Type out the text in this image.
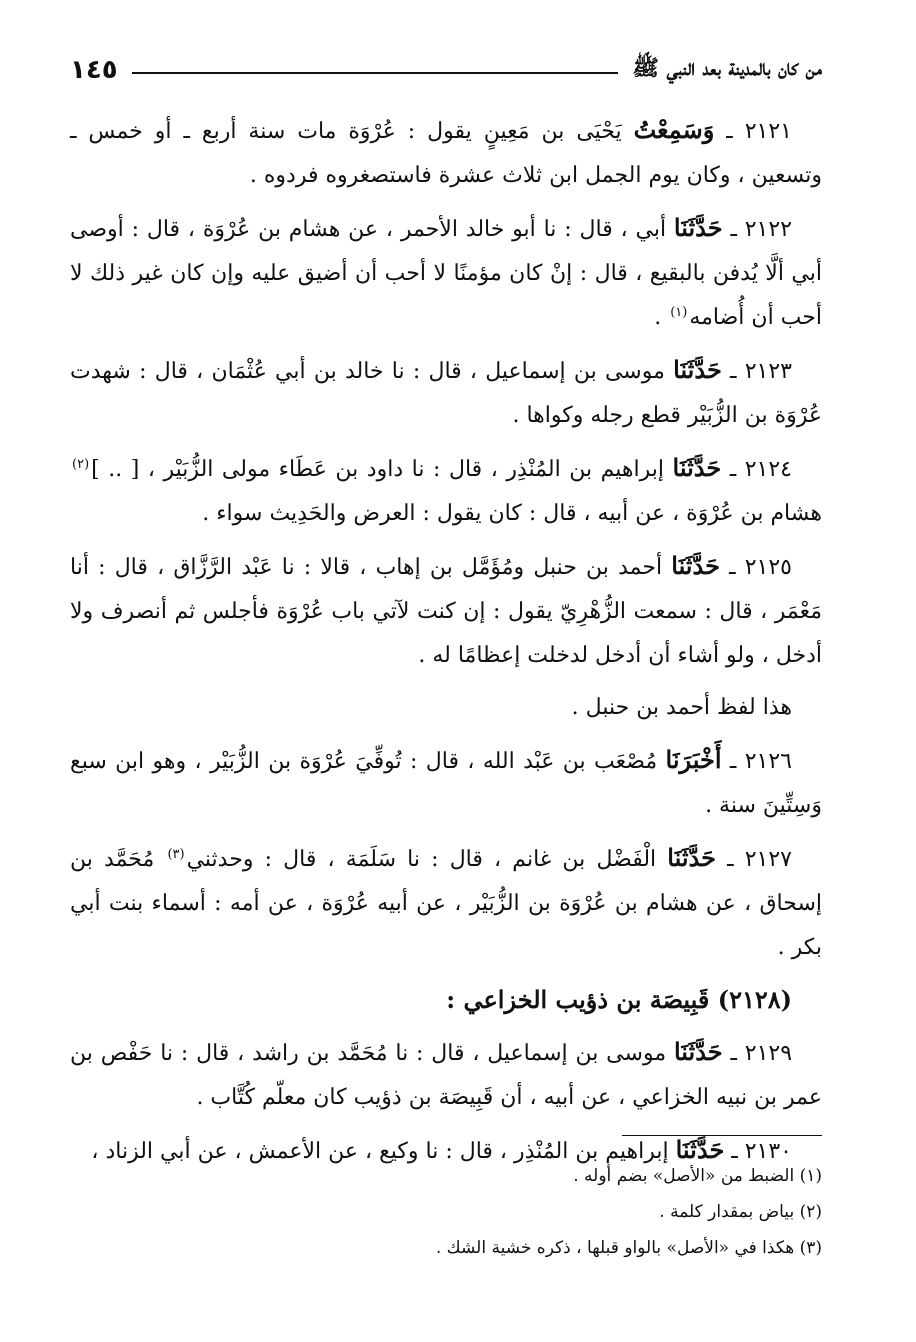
من كان بالمدينة بعد النبي ﷺ
١٤٥

٢١٢١ ـ وَسَمِعْتُ يَحْيَى بن مَعِينٍ يقول : عُرْوَة مات سنة أربع ـ أو خمس ـ وتسعين ، وكان يوم الجمل ابن ثلاث عشرة فاستصغروه فردوه .

٢١٢٢ ـ حَدَّثَنَا أبي ، قال : نا أبو خالد الأحمر ، عن هشام بن عُرْوَة ، قال : أوصى أبي ألَّا يُدفن بالبقيع ، قال : إنْ كان مؤمنًا لا أحب أن أضيق عليه وإن كان غير ذلك لا أحب أن أُضامه$^{(١)}$ .

٢١٢٣ ـ حَدَّثَنَا موسى بن إسماعيل ، قال : نا خالد بن أبي عُثْمَان ، قال : شهدت عُرْوَة بن الزُّبَيْر قطع رجله وكواها .

٢١٢٤ ـ حَدَّثَنَا إبراهيم بن المُنْذِر ، قال : نا داود بن عَطَاء مولى الزُّبَيْر ، [ .. ]$^{(٢)}$ هشام بن عُرْوَة ، عن أبيه ، قال : كان يقول : العرض والحَدِيث سواء .

٢١٢٥ ـ حَدَّثَنَا أحمد بن حنبل ومُؤَمَّل بن إهاب ، قالا : نا عَبْد الرَّزَّاق ، قال : أنا مَعْمَر ، قال : سمعت الزُّهْرِيّ يقول : إن كنت لآتي باب عُرْوَة فأجلس ثم أنصرف ولا أدخل ، ولو أشاء أن أدخل لدخلت إعظامًا له .

هذا لفظ أحمد بن حنبل .

٢١٢٦ ـ أَخْبَرَنَا مُصْعَب بن عَبْد الله ، قال : تُوفِّيَ عُرْوَة بن الزُّبَيْر ، وهو ابن سبع وَسِتِّينَ سنة .

٢١٢٧ ـ حَدَّثَنَا الْفَضْل بن غانم ، قال : نا سَلَمَة ، قال : وحدثني$^{(٣)}$ مُحَمَّد بن إسحاق ، عن هشام بن عُرْوَة بن الزُّبَيْر ، عن أبيه عُرْوَة ، عن أمه : أسماء بنت أبي بكر .

(٢١٢٨) قَبِيصَة بن ذؤيب الخزاعي :

٢١٢٩ ـ حَدَّثَنَا موسى بن إسماعيل ، قال : نا مُحَمَّد بن راشد ، قال : نا حَفْص بن عمر بن نبيه الخزاعي ، عن أبيه ، أن قَبِيصَة بن ذؤيب كان معلّم كُتَّاب .

٢١٣٠ ـ حَدَّثَنَا إبراهيم بن المُنْذِر ، قال : نا وكيع ، عن الأعمش ، عن أبي الزناد ،

(١) الضبط من «الأصل» بضم أوله .

(٢) بياض بمقدار كلمة .

(٣) هكذا في «الأصل» بالواو قبلها ، ذكره خشية الشك .
